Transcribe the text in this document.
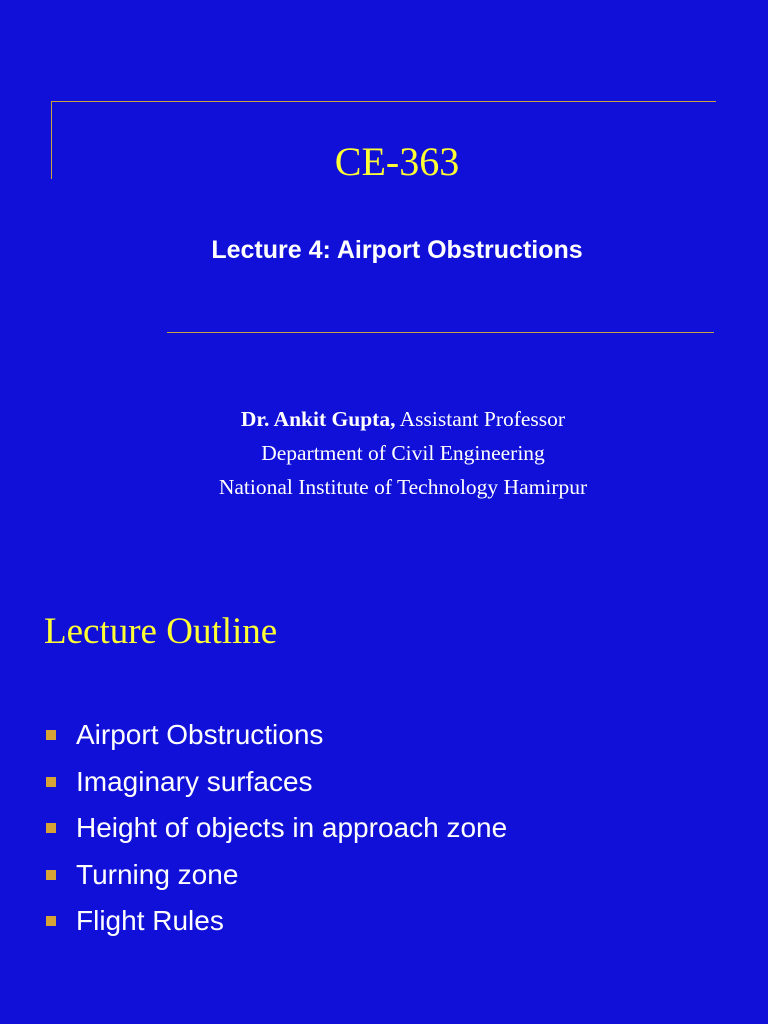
CE-363
Lecture 4: Airport Obstructions
Dr. Ankit Gupta, Assistant Professor
Department of Civil Engineering
National Institute of Technology Hamirpur
Lecture Outline
Airport Obstructions
Imaginary surfaces
Height of objects in approach zone
Turning zone
Flight Rules
